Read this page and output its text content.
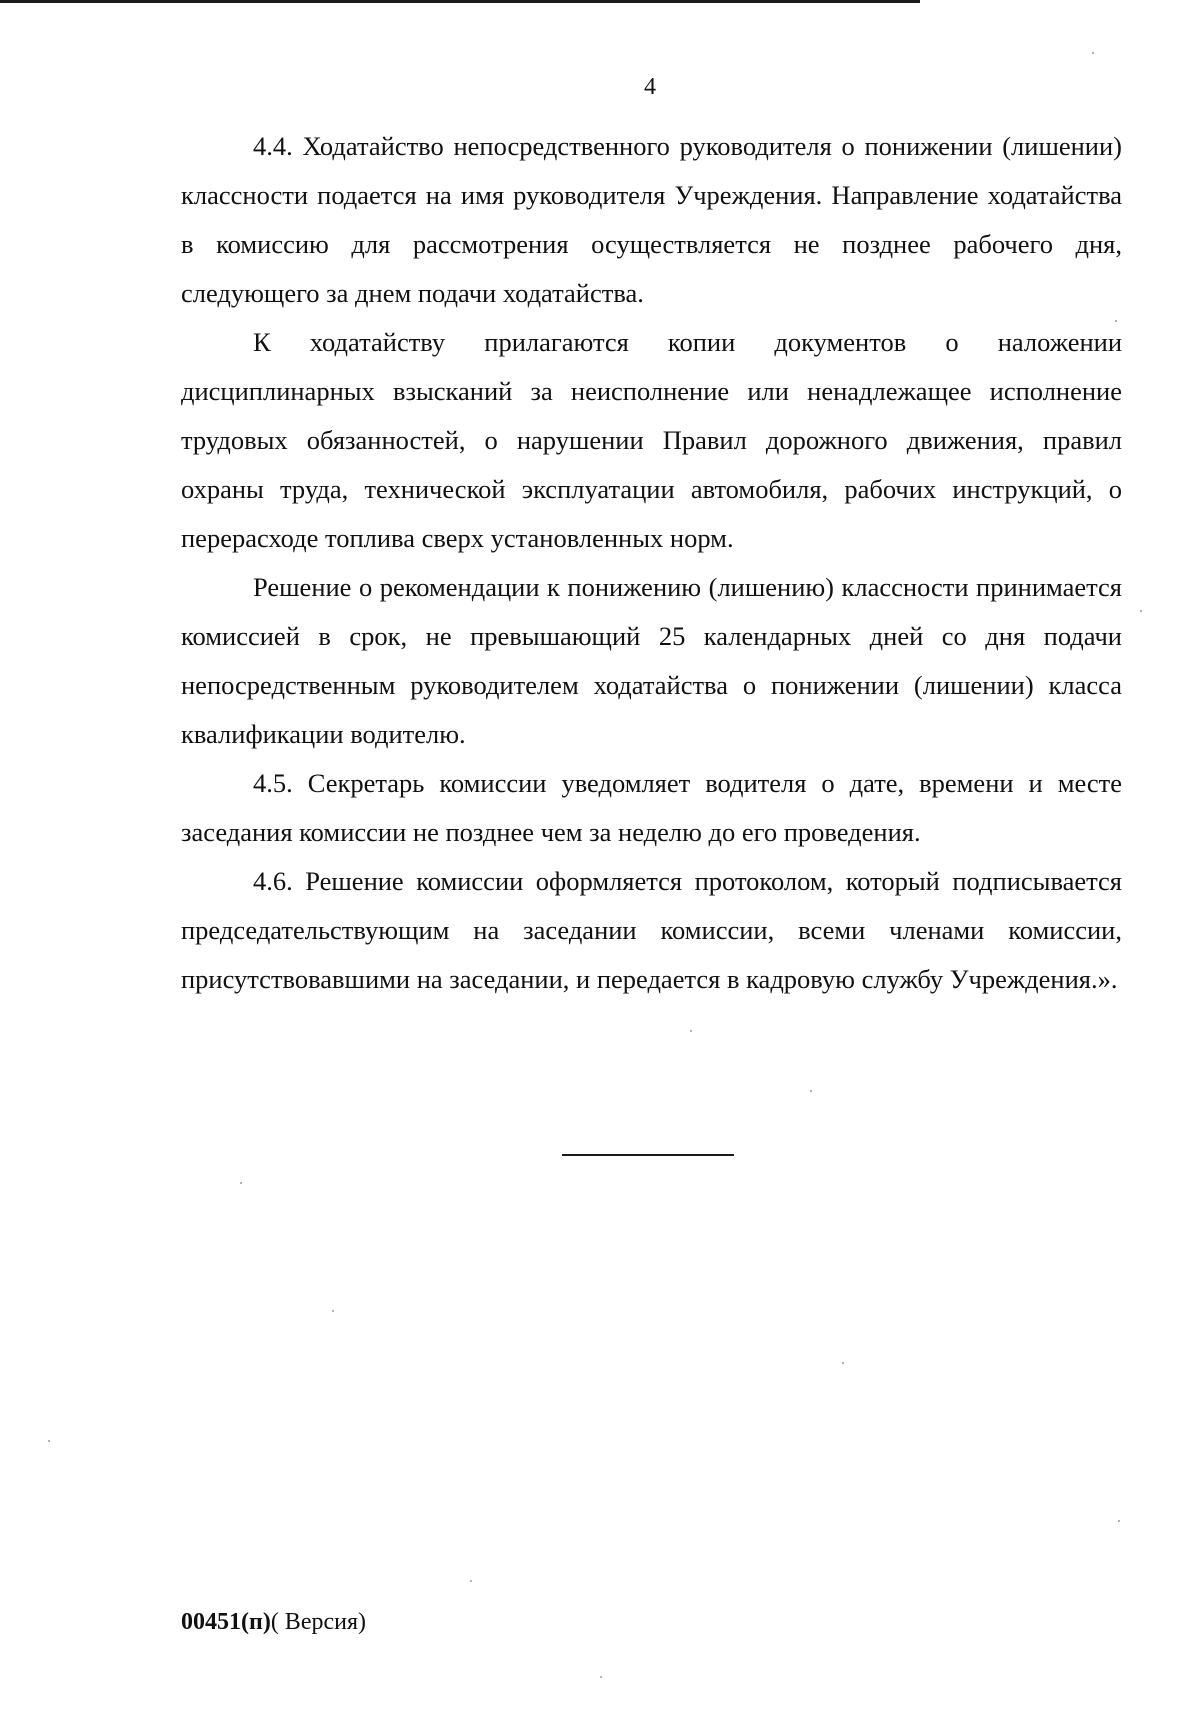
4

4.4. Ходатайство непосредственного руководителя о понижении (лишении) классности подается на имя руководителя Учреждения. Направление ходатайства в комиссию для рассмотрения осуществляется не позднее рабочего дня, следующего за днем подачи ходатайства.

К ходатайству прилагаются копии документов о наложении дисциплинарных взысканий за неисполнение или ненадлежащее исполнение трудовых обязанностей, о нарушении Правил дорожного движения, правил охраны труда, технической эксплуатации автомобиля, рабочих инструкций, о перерасходе топлива сверх установленных норм.

Решение о рекомендации к понижению (лишению) классности принимается комиссией в срок, не превышающий 25 календарных дней со дня подачи непосредственным руководителем ходатайства о понижении (лишении) класса квалификации водителю.

4.5. Секретарь комиссии уведомляет водителя о дате, времени и месте заседания комиссии не позднее чем за неделю до его проведения.

4.6. Решение комиссии оформляется протоколом, который подписывается председательствующим на заседании комиссии, всеми членами комиссии, присутствовавшими на заседании, и передается в кадровую службу Учреждения.».

00451(п)( Версия)
